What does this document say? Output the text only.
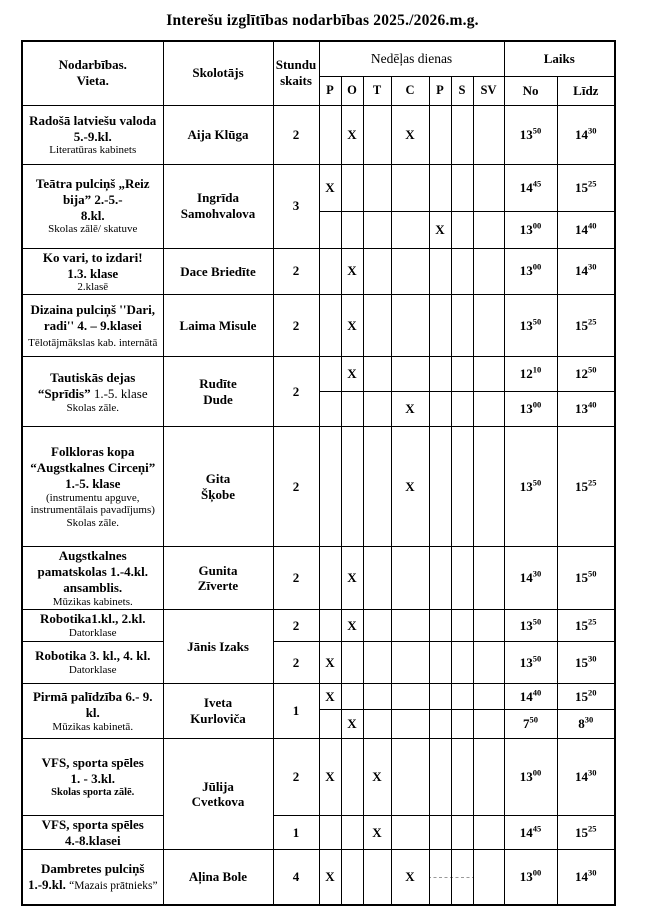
Interešu izglītības nodarbības 2025./2026.m.g.
Nodarbības.
Vieta.	Skolotājs	Stundu
skaits	Nedēļas dienas							Laiks	
			P	O	T	C	P	S	SV	No	Līdz
Radošā latviešu valoda
5.-9.kl.
Literatūras kabinets	Aija Klūga	2		X		X				$13^{50}$	$14^{30}$
Teātra pulciņš „Reiz bija” 2.-5.-
8.kl.
Skolas zālē/ skatuve	Ingrīda
Samohvalova	3	X							$14^{45}$	$15^{25}$
							X			$13^{00}$	$14^{40}$
Ko vari, to izdari!
1.3. klase
2.klasē	Dace Briedīte	2		X						$13^{00}$	$14^{30}$
Dizaina pulciņš ''Dari, radi'' 4. – 9.klasei Tēlotājmākslas kab. internātā	Laima Misule	2		X						$13^{50}$	$15^{25}$
Tautiskās dejas “Sprīdis” 1.-5. klase
Skolas zāle.	Rudīte
Dude	2		X						$12^{10}$	$12^{50}$
						X				$13^{00}$	$13^{40}$
Folkloras kopa “Augstkalnes Circeņi”
1.-5. klase
(instrumentu apguve, instrumentālais pavadījums)
Skolas zāle.	Gita
Šķobe	2				X				$13^{50}$	$15^{25}$
Augstkalnes pamatskolas 1.-4.kl.
ansamblis.
Mūzikas kabinets.	Gunita
Zīverte	2		X						$14^{30}$	$15^{50}$
Robotika1.kl., 2.kl.
Datorklase	Jānis Izaks	2		X						$13^{50}$	$15^{25}$
Robotika 3. kl., 4. kl.
Datorklase		2	X							$13^{50}$	$15^{30}$
Pirmā palīdzība 6.- 9. kl.
Mūzikas kabinetā.	Iveta
Kurloviča	1	X							$14^{40}$	$15^{20}$
				X						$7^{50}$	$8^{30}$
VFS, sporta spēles
1. - 3.kl.
Skolas sporta zālē.	Jūlija
Cvetkova	2	X		X					$13^{00}$	$14^{30}$
VFS, sporta spēles
4.-8.klasei		1			X					$14^{45}$	$15^{25}$
Dambretes pulciņš 1.-9.kl. “Mazais prātnieks”	Aļina Bole	4	X			X				$13^{00}$	$14^{30}$
